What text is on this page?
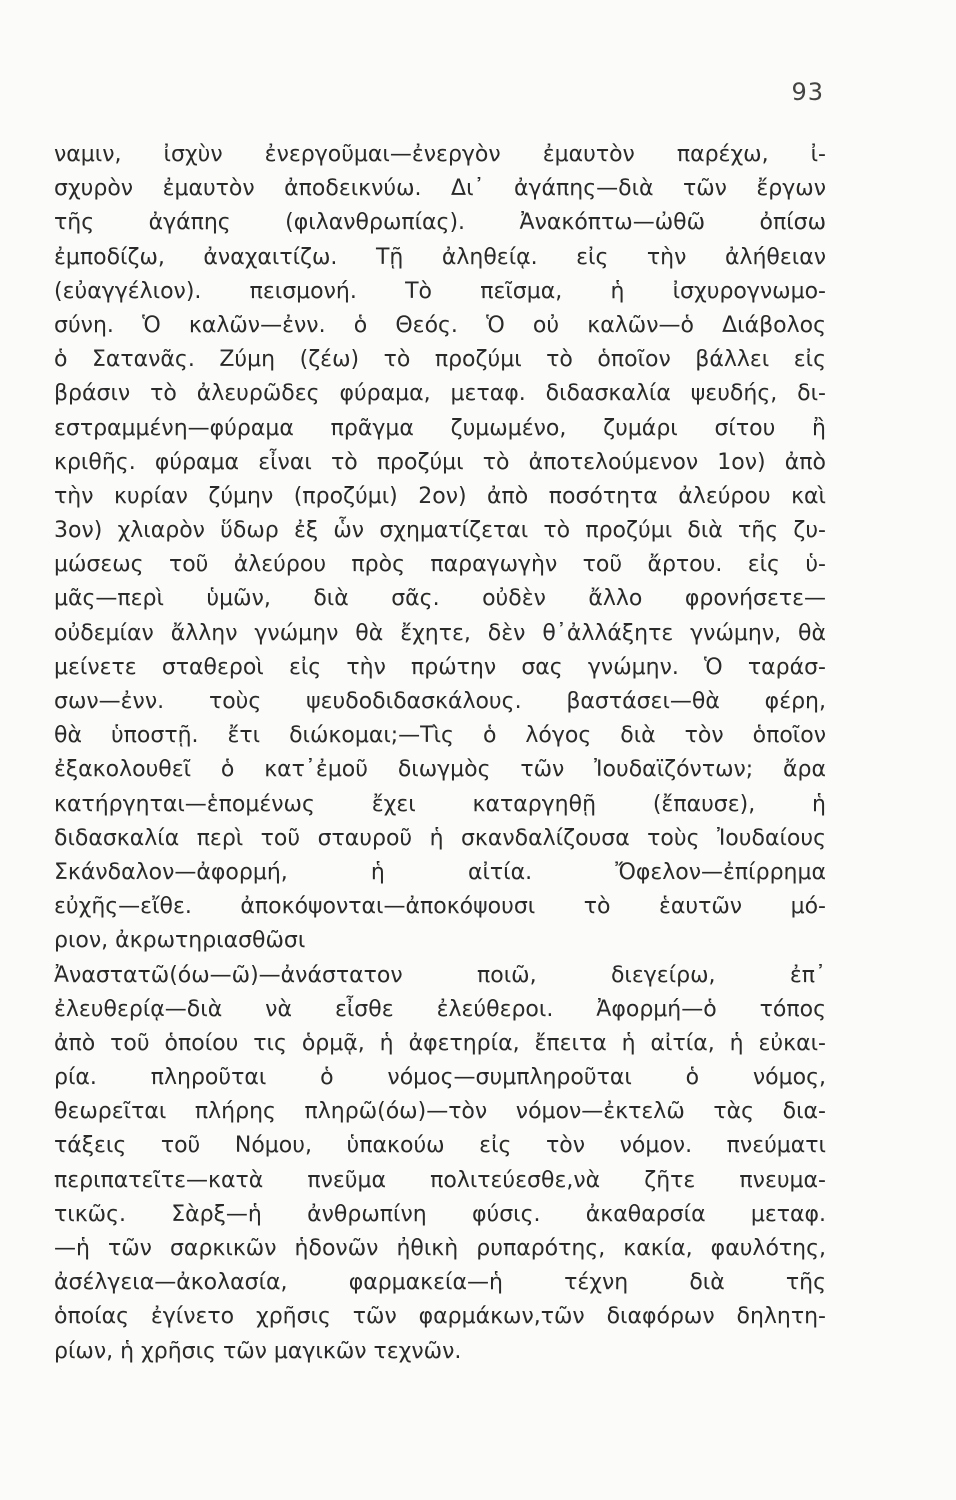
93
ναμιν, ἰσχὺν ἐνεργοῦμαι—ἐνεργὸν ἐμαυτὸν παρέχω, ἰ-
σχυρὸν ἐμαυτὸν ἀποδεικνύω. Δι᾿ ἀγάπης—διὰ τῶν ἔργων
τῆς ἀγάπης (φιλανθρωπίας). Ἀνακόπτω—ὠθῶ ὀπίσω
ἐμποδίζω, ἀναχαιτίζω. Τῇ ἀληθείᾳ. εἰς τὴν ἀλήθειαν
(εὐαγγέλιον). πεισμονή. Τὸ πεῖσμα, ἡ ἰσχυρογνωμο-
σύνη. Ὁ καλῶν—ἐνν. ὁ Θεός. Ὁ οὐ καλῶν—ὁ Διάβολος
ὁ Σατανᾶς. Ζύμη (ζέω) τὸ προζύμι τὸ ὁποῖον βάλλει εἰς
βράσιν τὸ ἀλευρῶδες φύραμα, μεταφ. διδασκαλία ψευδής, δι-
εστραμμένη—φύραμα πρᾶγμα ζυμωμένο, ζυμάρι σίτου ἢ
κριθῆς. φύραμα εἶναι τὸ προζύμι τὸ ἀποτελούμενον 1ον) ἀπὸ
τὴν κυρίαν ζύμην (προζύμι) 2ον) ἀπὸ ποσότητα ἀλεύρου καὶ
3ον) χλιαρὸν ὕδωρ ἐξ ὧν σχηματίζεται τὸ προζύμι διὰ τῆς ζυ-
μώσεως τοῦ ἀλεύρου πρὸς παραγωγὴν τοῦ ἄρτου. εἰς ὑ-
μᾶς—περὶ ὑμῶν, διὰ σᾶς. οὐδὲν ἄλλο φρονήσετε—
οὐδεμίαν ἄλλην γνώμην θὰ ἔχητε, δὲν θ᾿ἀλλάξητε γνώμην, θὰ
μείνετε σταθεροὶ εἰς τὴν πρώτην σας γνώμην. Ὁ ταράσ-
σων—ἐνν. τοὺς ψευδοδιδασκάλους. βαστάσει—θὰ φέρη,
θὰ ὑποστῇ. ἔτι διώκομαι;—Τὶς ὁ λόγος διὰ τὸν ὁποῖον
ἐξακολουθεῖ ὁ κατ᾿ἐμοῦ διωγμὸς τῶν Ἰουδαϊζόντων; ἄρα
κατήργηται—ἑπομένως ἔχει καταργηθῇ (ἔπαυσε), ἡ
διδασκαλία περὶ τοῦ σταυροῦ ἡ σκανδαλίζουσα τοὺς Ἰουδαίους
Σκάνδαλον—ἀφορμή, ἡ αἰτία. Ὄφελον—ἐπίρρημα
εὐχῆς—εἴθε. ἀποκόψονται—ἀποκόψουσι τὸ ἑαυτῶν μό-
ριον, ἀκρωτηριασθῶσι
Ἀναστατῶ(όω—ῶ)—ἀνάστατον ποιῶ, διεγείρω, ἐπ᾿
ἐλευθερίᾳ—διὰ νὰ εἶσθε ἐλεύθεροι. Ἀφορμή—ὁ τόπος
ἀπὸ τοῦ ὁποίου τις ὁρμᾷ, ἡ ἀφετηρία, ἔπειτα ἡ αἰτία, ἡ εὐκαι-
ρία. πληροῦται ὁ νόμος—συμπληροῦται ὁ νόμος,
θεωρεῖται πλήρης πληρῶ(όω)—τὸν νόμον—ἐκτελῶ τὰς δια-
τάξεις τοῦ Νόμου, ὑπακούω εἰς τὸν νόμον. πνεύματι
περιπατεῖτε—κατὰ πνεῦμα πολιτεύεσθε,νὰ ζῆτε πνευμα-
τικῶς. Σὰρξ—ἡ ἀνθρωπίνη φύσις. ἀκαθαρσία μεταφ.
—ἡ τῶν σαρκικῶν ἡδονῶν ἠθικὴ ρυπαρότης, κακία, φαυλότης,
ἀσέλγεια—ἀκολασία, φαρμακεία—ἡ τέχνη διὰ τῆς
ὁποίας ἐγίνετο χρῆσις τῶν φαρμάκων,τῶν διαφόρων δηλητη-
ρίων, ἡ χρῆσις τῶν μαγικῶν τεχνῶν.
